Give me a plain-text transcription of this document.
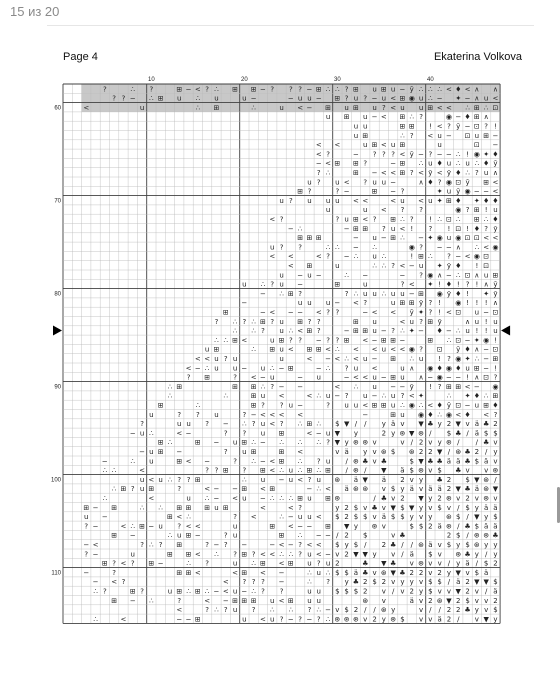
15 из 20
Page 4	Ekaterina Volkova
?	∴ ?	⊞ − < ? ∴ ⊞ ⊞ − ? ? ? − ⊞ ∴ ∴ ? ⊞ u ⊞ u − ȳ ∴ ∴ ∴ < ♦ < ∧ ∧
? ? − ∴ ⊞ u ∴ u	u −	− u u − ⊞ ? u ? − u < ⊞ ◉ u ∴ − ✦ − ∧ u <
<	u	∴ ⊞	∴	u < − ⊞ u ⊞ u ? < u u ⊞ < < ∴ ⊞ ∴ ⊡
u ⊞ u − < ⊞ ∴ ?	◉ − ♦ ⊞ ∧
u u	⊞ ⊞ ! < ? ȳ − ⊡ ? !
u ⊞	∴ ? < u − ⊡ u ⊞ −
< <	u ⊞ < u ⊞	u	⊡ −
< ?	− ? ? ? < ȳ − ? − − ∴ ! ◉ ✦ ♦
− < ⊞ ⊞ ?	− ⊞ ∴ u ♦ u ∴ u ∴ ♦ ȳ
? ∴	⊞ − < < ⊞ ? < ȳ < ȳ ♦ ∴ ? u ∧
u ? u < ? u u −	∧ ♦ ? ◉ ⊡ ȳ ⊞ <
⊞ ?	? −	⊞ − ?	✦ u ȳ ◉ − − <
u ? u u u < <	< u < u ✦ ⊞ ♦ ✦ ♦ ♦
u	u < ? ?	◉ ? ⊞ ! u
< ?	? u ⊞ < ? ⊞ ∴ ? ! ∴ ⊡ ∴ ⊞ ∴ ♦
− ∴	− ⊞ ⊞ ? u < ! ? ! ⊡ ! ♦ ? ȳ
⊞ ⊞ ⊞	− u − ⊞ ∴ − ✦ ◉ u ◉ ⊡ ⊡ < <
u ? ?	∴ ∴ − ∴	◉ ? − − ∧ ∴ < ◉
< <	< ? − ∴ u ∴	! ⊞ ∴ ? − < ◉ ⊡
< ⊞	u	∴ ∴ ? < − u ✦ ȳ ♦ ! ⊡
u − u −	∴ −	− ? ◉ ∧ − ∴ ⊡ ∧ u ⊞
u ∴ ? u −	⊞	u	? < ✦ ! ♦ ! ? ! ∧ ȳ
− ∴ ⊞ ?	? ∴ u u ∴ u u − ⊞ ◉ ȳ ♦ ! ✦ ȳ
−	u u u − < ?	u ⊞ ⊞ ȳ ? ! ◉ ! ! ! ∧
⊞	− < − − < ? ?	− < < ȳ ✦ ? ! < ⊡ u − ⊡
? ∴ ? ∴ ⊞ ? u ⊞ ? ?	⊞ u	< u ? ⊞ ȳ	∧ u ! u
∴ ∴ ? u ∴ < ⊞ ?	− ⊞ ⊞ u − ? ∴ ✦ − ♦ − ∴ u ! ! u
∴ ∴ ⊞ <	u ⊞ ? ? − ? ? ⊞ < − ⊞ ⊞ −	⊞ ∴ ⊡ − ✦ ◉ !
u ⊞	∴ ⊞ u < ⊞ ⊞ < ∴ < < u < < ◉ ? ⊡ ȳ ♦ ∧ − ⊡
< < u ? u	u	< − < ∴ < u − ⊞ ∴ u ! ? ◉ ✦ ∴ − ⊞
< − ∴ u u − u ∴ − ⊞	− ∴ ? u <	u ∧ ◉ ♦ ◉ ♦ u ⊞ − !
? ⊞	? < − u	− u	− < < u − ⊞ u ∧ − ◉ − − ! ∧ ⊡ ?
∴ ⊞	⊞ ⊞ ∴ ? − −	< ∴ u − − ȳ ! ? ⊞ ⊞ < − ◉
∴	∴	⊞ u <	< ∴ u − ? u − ∴ u ? < ✦	∴ ✦ ♦ ∴ ⊞
⊞	∴	⊞ ? ? u −	? u u < ⊞ ⊞ u ∴ ◉ ∴ < ♦ ȳ ⊡ − u ⊞ ♦
u	? ? u	? − < < < <	−	⊞ u ◉ ♦ ∴ ◉ < ♦ < ?
?	u u ? − ∴ ? u < ? ∴ ⊞ ∴ $ ▼ / / y ä v ▼ ♣ y 2 ▼ v ä ♣ 2
− u ∴	< −	? ? u ⊞	< − u ▼ y	2 y ⊛ ▼ ⊛ / $ ♣ / ä $ $
⊞ ∴	⊞ − u ⊞ ∴ − ∴ ∴ ∴ ? ▼ y ⊛ ⊛ v	v / 2 v y ⊛ / / ♣ v
− u ⊞ −	? u ⊞	⊞ <	v ä y v ⊛ $ ⊛ 2 2 ▼ / ⊛ ♣ 2 / y
−	∴ u	⊞ < −	? ∴ − < ⊞ ∴ ? u / ⊛ ♣ v ♣	$ ▼ ♣ ♣ ä ä ♣ $ ä v
∴ ∴	<	? ? ⊞ ? ⊞ < ∴ u ∴ ⊞ ∴ ⊞ / ⊛ / ▼ ä $ ⊛ v $ ♣ v v ⊛
u < u ∴ ? ? ⊞	∴ u − u < ? u ⊛ ä ▼ ä 2 v y ♣ 2 $ ▼ ⊛ /
∴ ⊞ ? u ⊞	?	< − − ⊞ < ⊞	− ∴ < ä ⊛ ⊛ v $ y ä v ä ä 2 ▼ ♣ ä ⊛ ▼
∴	<	u ∴ − < u − ∴ ∴ ∴ ⊞ u ⊞ ⊛	/ ♣ v 2 ▼ y 2 ⊛ v 2 v ⊛ v
⊞ − ⊞	∴ ∴ ⊞ ⊞ ⊞ u ⊞	<	< ?	y 2 $ v ♣ v ▼ $ ▼ y v $ v / $ y ä ä
u −	⊞ < ∴	? <	∴ − u u < $ 2 $ $ v ä $ $ y v y ⊛ $ / ▼ y $
? −	< ∴ ⊞ − u ? < <	u	⊞ < − − ⊞ ▼ y ⊛ v	$ $ 2 ä ⊛ / ♣ $ ä ä
⊞ −	∴ u ⊞ −	? u	⊞ ∴ − − / 2 $	v ♣	2 $ / ⊛ ⊛ ♣
− <	? ∴ ? ⊞	? − ? −	− < − ? < < $ y $ / 2 ♣ / / ⊛ ä v $ y $ ⊛ y y
? −	u	⊞ ⊞ < ∴ ? ⊞ ? < < ∴ ∴ ? u < − v 2 ▼ ▼ y v / ä $ v ⊛ ♣ y / y
⊞ ? < ? ⊞ −	∴ ?	u ∴ ⊞ < ⊞ u ? u 2	♣ ▼ ♣ v ⊛ v v / y ä / $ 2
−	?	⊞ ⊞ <	< ⊞ < −	∴ u ∴ $ $ ä ♣ v ⊛ ▼ ♣ 2 2 v 2 y ▼ v $ ä
− < ?	< ? ? ? −	∴ ? y ♣ 2 $ 2 v y y v $ $ / ä 2 ▼ ▼ $
∴ ?	⊞ ?	u ⊞ ∴ ⊞ ∴ − < u − ∴ ? ?	u u $ $ $ 2 v / v 2 y $ v v ▼ 2 v / ä
⊞ − ∴	?	< − ⊞ ⊞ ⊞ u < ⊞ u u	⊛ v	ä v 2 ⊛ ▼ 2 $ v v 2
<	? ∴ ? u ? ∴ ∴ ? ∴ − v $ 2 / / ⊛ y	v / / 2 2 ♣ y v $
∴	<	− − ⊞	u < u ? − ? − ? ∴ ⊛ ⊛ ⊛ v 2 y ⊛ $ v v ä 2 / v ▼ y
10	20	30	40
60
70
80
90
100
110
